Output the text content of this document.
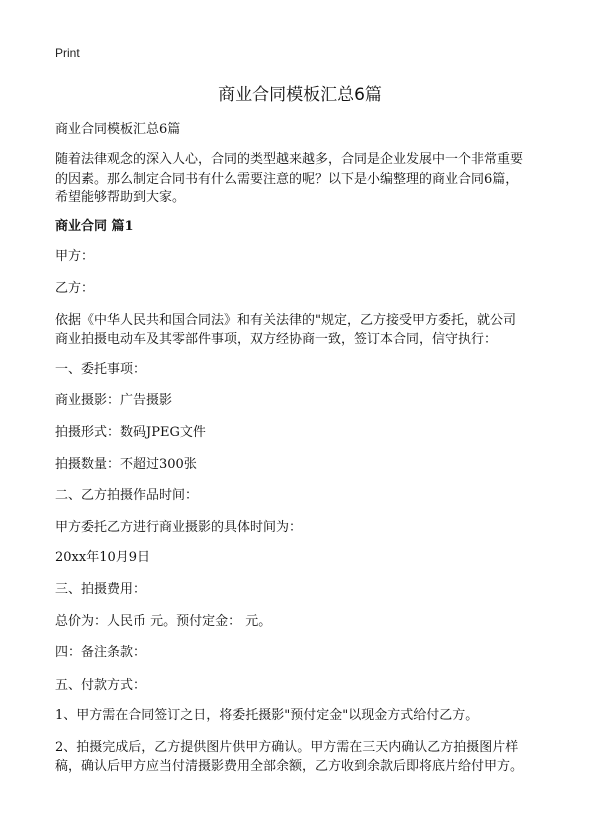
Print
商业合同模板汇总6篇
商业合同模板汇总6篇
随着法律观念的深入人心，合同的类型越来越多，合同是企业发展中一个非常重要
的因素。那么制定合同书有什么需要注意的呢？以下是小编整理的商业合同6篇，
希望能够帮助到大家。
商业合同 篇1
甲方：
乙方：
依据《中华人民共和国合同法》和有关法律的"规定，乙方接受甲方委托，就公司
商业拍摄电动车及其零部件事项，双方经协商一致，签订本合同，信守执行：
一、委托事项：
商业摄影：广告摄影
拍摄形式：数码JPEG文件
拍摄数量：不超过300张
二、乙方拍摄作品时间：
甲方委托乙方进行商业摄影的具体时间为：
20xx年10月9日
三、拍摄费用：
总价为：人民币 元。预付定金： 元。
四：备注条款：
五、付款方式：
1、甲方需在合同签订之日，将委托摄影"预付定金"以现金方式给付乙方。
2、拍摄完成后，乙方提供图片供甲方确认。甲方需在三天内确认乙方拍摄图片样
稿，确认后甲方应当付清摄影费用全部余额，乙方收到余款后即将底片给付甲方。
